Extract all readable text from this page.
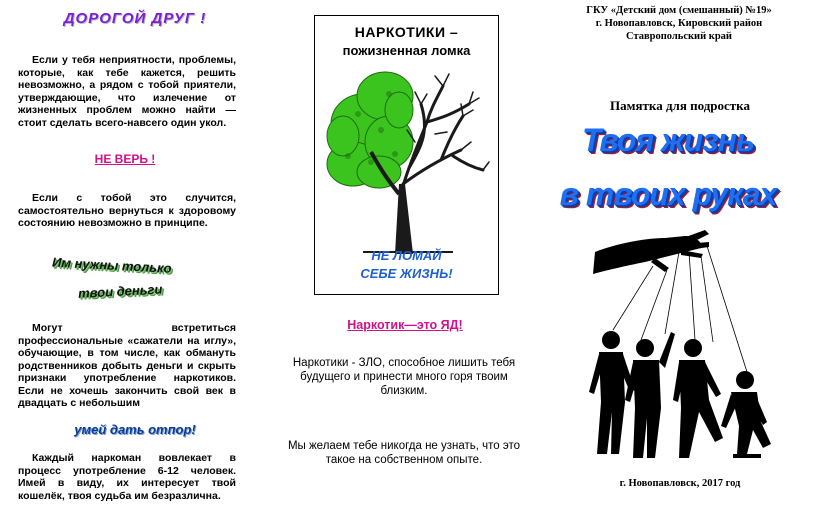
ДОРОГОЙ ДРУГ !
Если у тебя неприятности, проблемы, которые, как тебе кажется, решить невозможно, а рядом с тобой приятели, утверждающие, что излечение от жизненных проблем можно найти — стоит сделать всего-навсего один укол.
НЕ ВЕРЬ !
Если с тобой это случится, самостоятельно вернуться к здоровому состоянию невозможно в принципе.
Им нужны только
твои деньги
Могут встретиться профессиональные «сажатели на иглу», обучающие, в том числе, как обмануть родственников добыть деньги и скрыть признаки употребление наркотиков. Если не хочешь закончить свой век в двадцать с небольшим
умей дать отпор!
Каждый наркоман вовлекает в процесс употребление 6-12 человек. Имей в виду, их интересует твой кошелёк, твоя судьба им безразлична.
НАРКОТИКИ –
пожизненная ломка
НЕ ЛОМАЙ
СЕБЕ ЖИЗНЬ!
Наркотик—это ЯД!
Наркотики - ЗЛО, способное лишить тебя будущего и принести много горя твоим близким.
Мы желаем тебе никогда не узнать, что это такое на собственном опыте.
ГКУ «Детский дом (смешанный) №19»
г. Новопавловск, Кировский район
Ставропольский край
Памятка для подростка
Твоя жизнь
в твоих руках
г. Новопавловск, 2017 год
